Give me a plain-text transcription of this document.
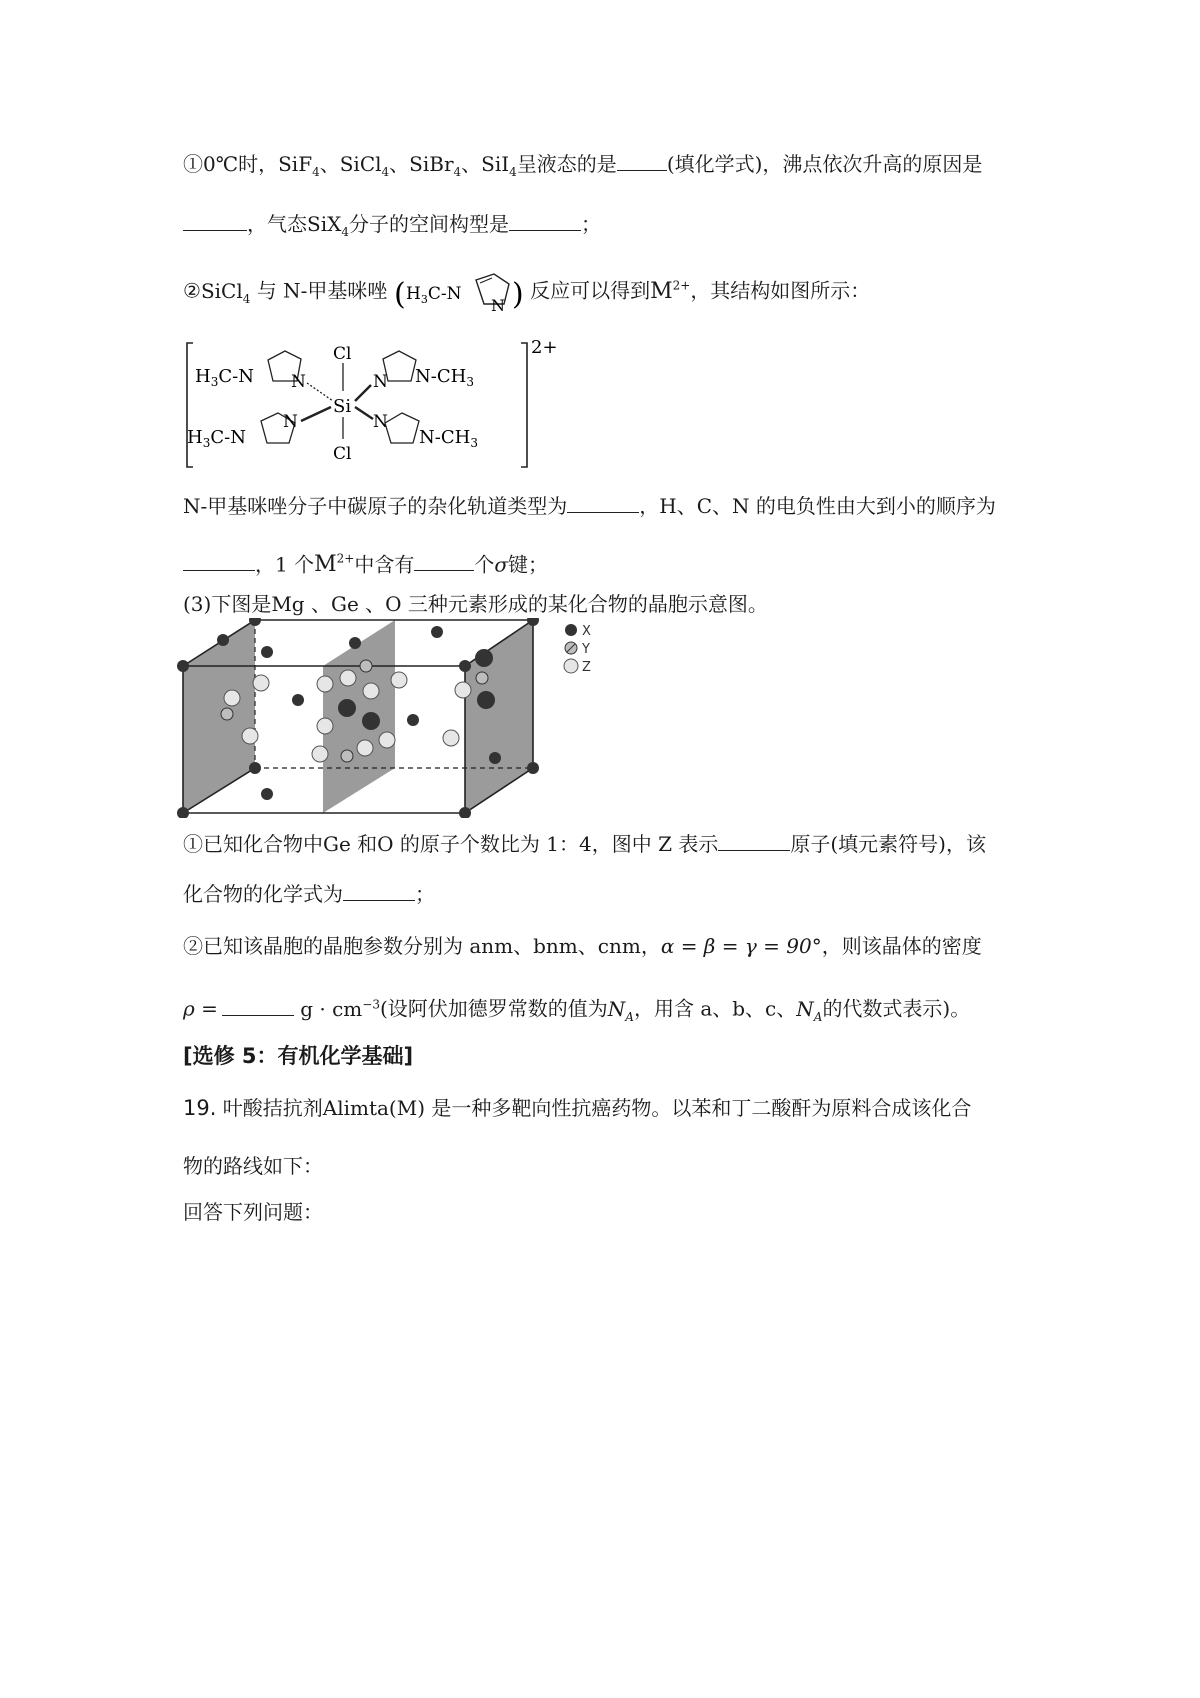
①0℃时，SiF$_4$、SiCl$_4$、SiBr$_4$、SiI$_4$呈液态的是	(填化学式)，沸点依次升高的原因是
，气态SiX$_4$分子的空间构型是	；
②SiCl$_4$ 与 N-甲基咪唑 ( $H_3C-N$
N ) 反应可以得到$M^{2+}$，其结构如图所示：
2+
$H_3C-N$ N	N $N-CH_3$
Cl
Si
Cl
$H_3C-N$
N	N
$N-CH_3$
N-甲基咪唑分子中碳原子的杂化轨道类型为	，H、C、N 的电负性由大到小的顺序为
，1 个$M^{2+}$中含有	个σ键；
(3)下图是Mg 、Ge 、O 三种元素形成的某化合物的晶胞示意图。
X
Y
Z
①已知化合物中Ge 和O 的原子个数比为 1：4，图中 Z 表示	原子(填元素符号)，该
化合物的化学式为	；
②已知该晶胞的晶胞参数分别为 anm、bnm、cnm，α = β = γ = 90°，则该晶体的密度
ρ =	$g \cdot cm^{-3}$(设阿伏加德罗常数的值为$N_A$，用含 a、b、c、$N_A$的代数式表示)。
[选修 5：有机化学基础]
19. 叶酸拮抗剂Alimta(M) 是一种多靶向性抗癌药物。以苯和丁二酸酐为原料合成该化合
物的路线如下：
回答下列问题：
